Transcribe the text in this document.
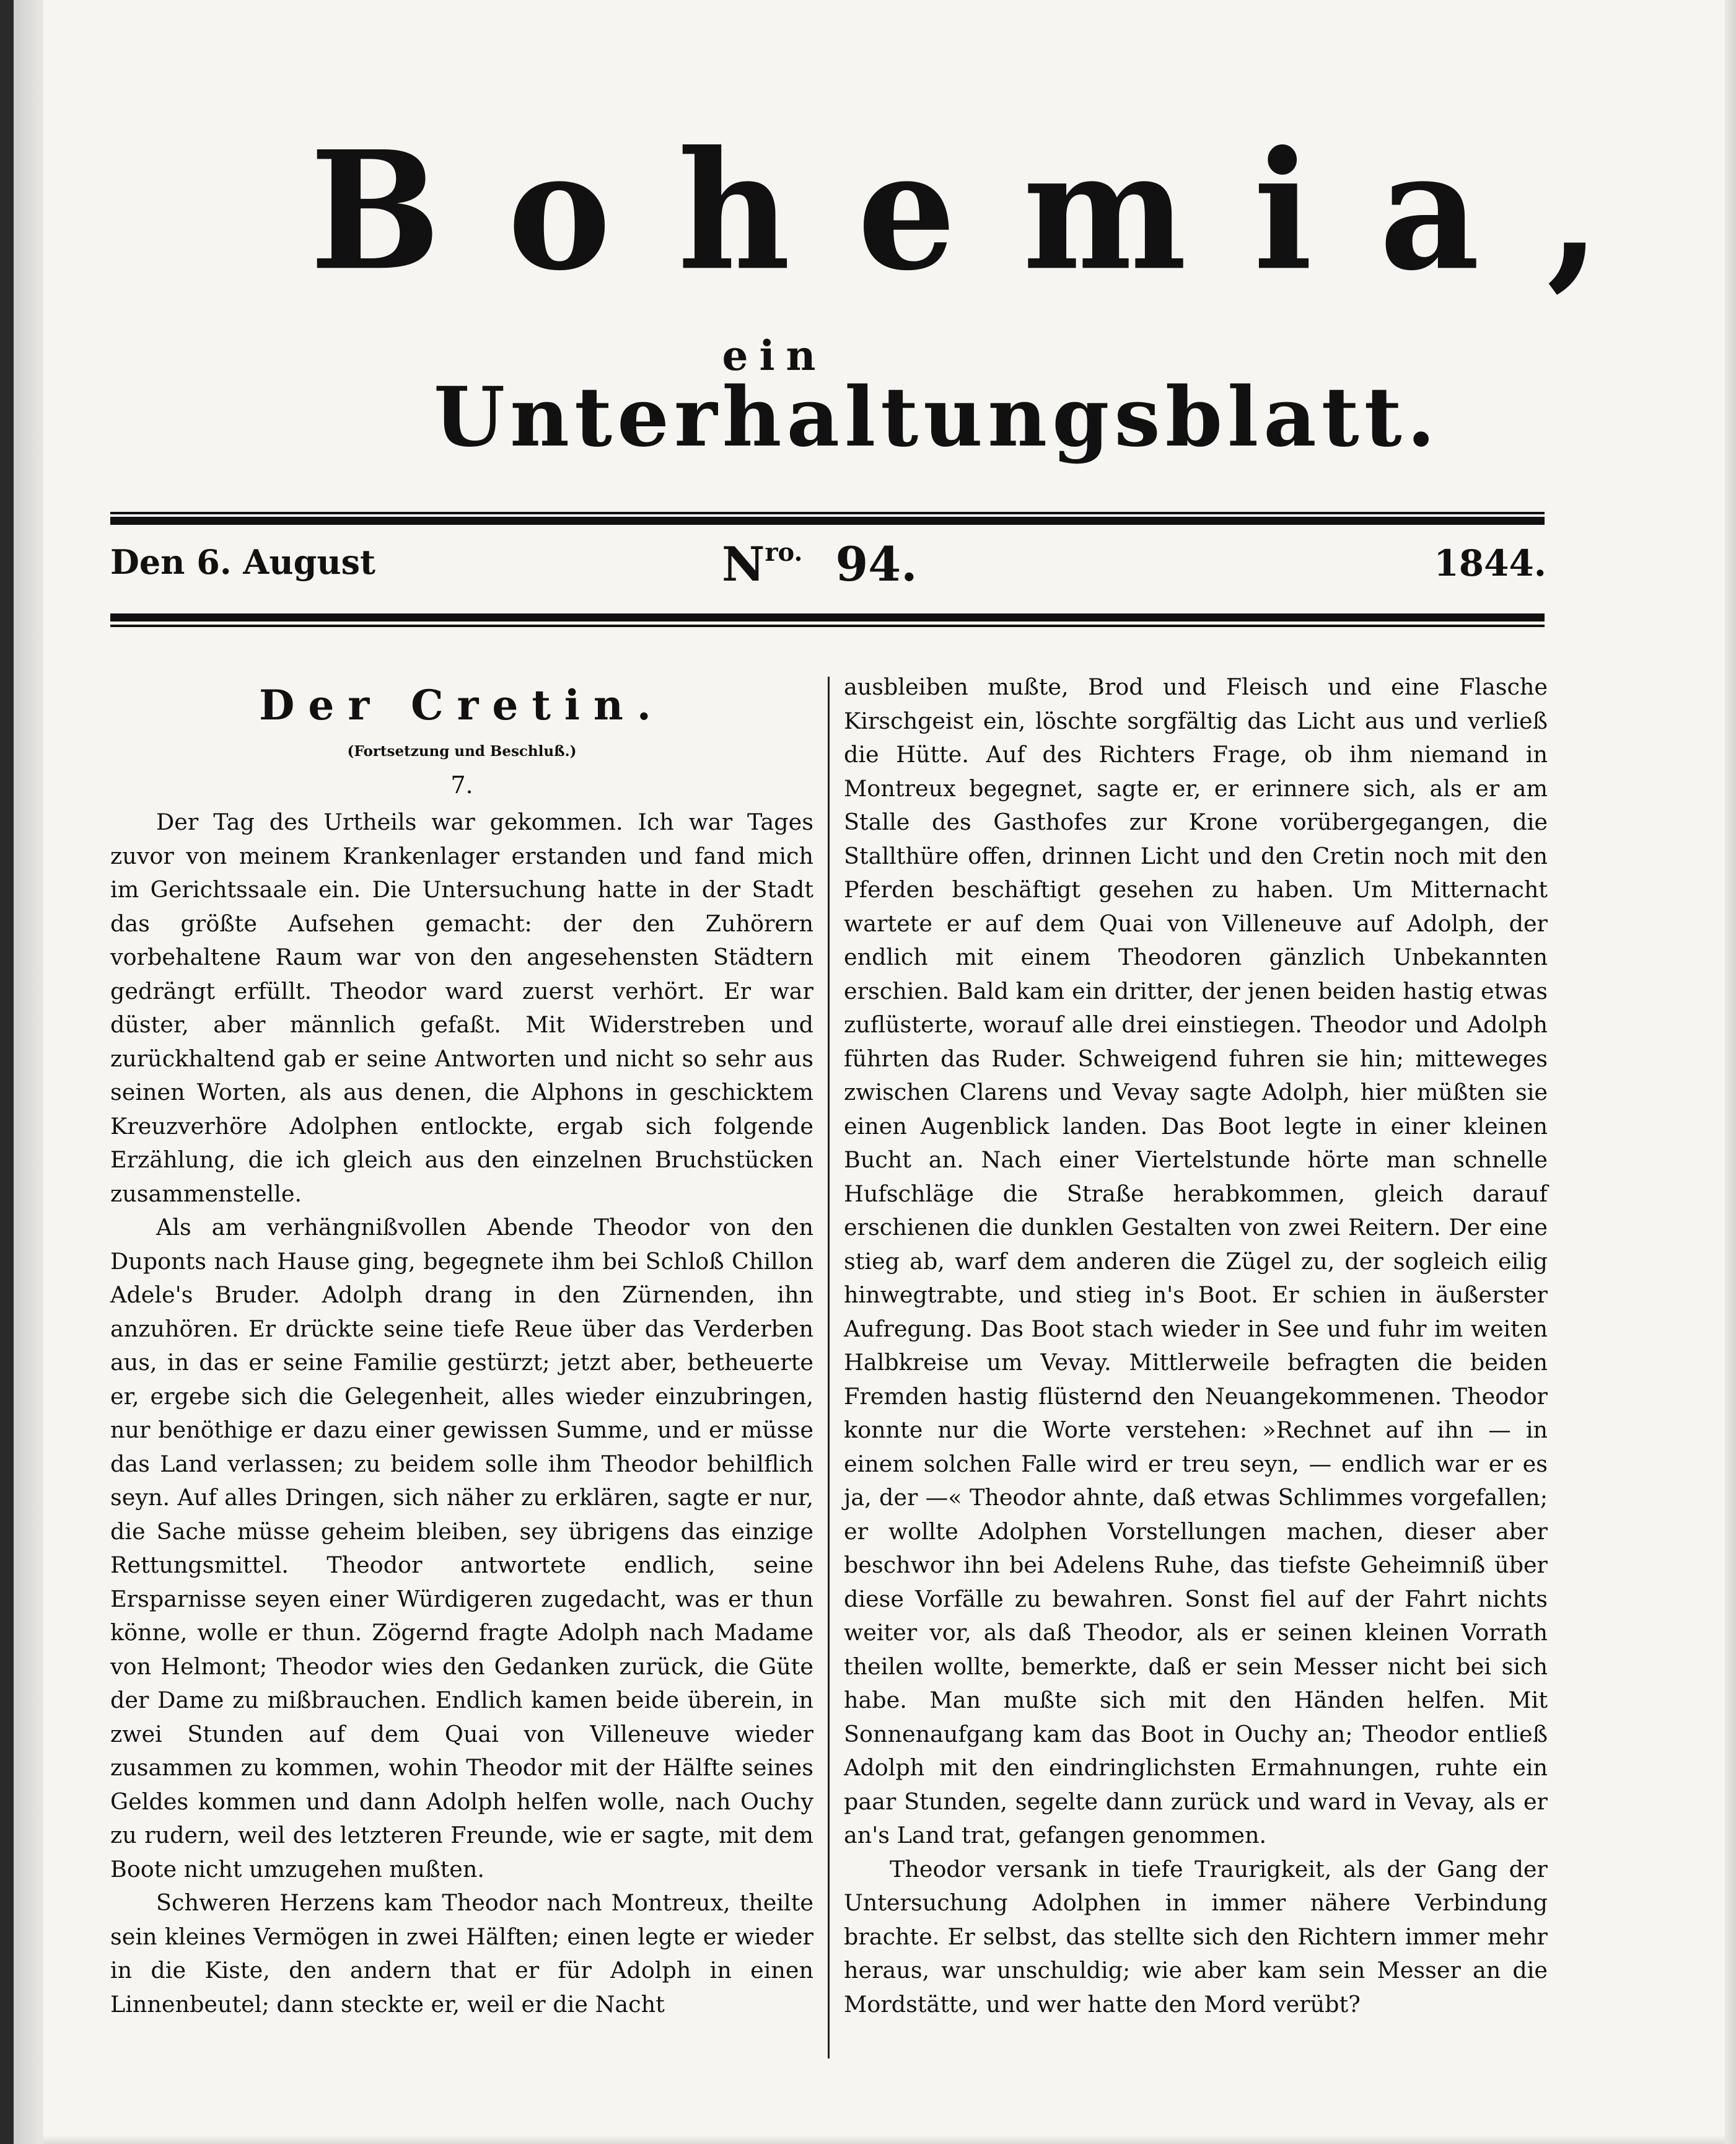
Bohemia,
ein
Unterhaltungsblatt.
Den 6. August	$N^{ro.}$ 94.	1844.
Der Cretin.
(Fortsetzung und Beschluß.)
7.

Der Tag des Urtheils war gekommen. Ich war Tages zuvor von meinem Krankenlager erstanden und fand mich im Gerichtssaale ein. Die Untersuchung hatte in der Stadt das größte Aufsehen gemacht: der den Zuhörern vorbehaltene Raum war von den angesehensten Städtern gedrängt erfüllt. Theodor ward zuerst verhört. Er war düster, aber männlich gefaßt. Mit Widerstreben und zurückhaltend gab er seine Antworten und nicht so sehr aus seinen Worten, als aus denen, die Alphons in geschicktem Kreuzverhöre Adolphen entlockte, ergab sich folgende Erzählung, die ich gleich aus den einzelnen Bruchstücken zusammenstelle.

Als am verhängnißvollen Abende Theodor von den Duponts nach Hause ging, begegnete ihm bei Schloß Chillon Adele's Bruder. Adolph drang in den Zürnenden, ihn anzuhören. Er drückte seine tiefe Reue über das Verderben aus, in das er seine Familie gestürzt; jetzt aber, betheuerte er, ergebe sich die Gelegenheit, alles wieder einzubringen, nur benöthige er dazu einer gewissen Summe, und er müsse das Land verlassen; zu beidem solle ihm Theodor behilflich seyn. Auf alles Dringen, sich näher zu erklären, sagte er nur, die Sache müsse geheim bleiben, sey übrigens das einzige Rettungsmittel. Theodor antwortete endlich, seine Ersparnisse seyen einer Würdigeren zugedacht, was er thun könne, wolle er thun. Zögernd fragte Adolph nach Madame von Helmont; Theodor wies den Gedanken zurück, die Güte der Dame zu mißbrauchen. Endlich kamen beide überein, in zwei Stunden auf dem Quai von Villeneuve wieder zusammen zu kommen, wohin Theodor mit der Hälfte seines Geldes kommen und dann Adolph helfen wolle, nach Ouchy zu rudern, weil des letzteren Freunde, wie er sagte, mit dem Boote nicht umzugehen mußten.

Schweren Herzens kam Theodor nach Montreux, theilte sein kleines Vermögen in zwei Hälften; einen legte er wieder in die Kiste, den andern that er für Adolph in einen Linnenbeutel; dann steckte er, weil er die Nacht

ausbleiben mußte, Brod und Fleisch und eine Flasche Kirschgeist ein, löschte sorgfältig das Licht aus und verließ die Hütte. Auf des Richters Frage, ob ihm niemand in Montreux begegnet, sagte er, er erinnere sich, als er am Stalle des Gasthofes zur Krone vorübergegangen, die Stallthüre offen, drinnen Licht und den Cretin noch mit den Pferden beschäftigt gesehen zu haben. Um Mitternacht wartete er auf dem Quai von Villeneuve auf Adolph, der endlich mit einem Theodoren gänzlich Unbekannten erschien. Bald kam ein dritter, der jenen beiden hastig etwas zuflüsterte, worauf alle drei einstiegen. Theodor und Adolph führten das Ruder. Schweigend fuhren sie hin; mitteweges zwischen Clarens und Vevay sagte Adolph, hier müßten sie einen Augenblick landen. Das Boot legte in einer kleinen Bucht an. Nach einer Viertelstunde hörte man schnelle Hufschläge die Straße herabkommen, gleich darauf erschienen die dunklen Gestalten von zwei Reitern. Der eine stieg ab, warf dem anderen die Zügel zu, der sogleich eilig hinwegtrabte, und stieg in's Boot. Er schien in äußerster Aufregung. Das Boot stach wieder in See und fuhr im weiten Halbkreise um Vevay. Mittlerweile befragten die beiden Fremden hastig flüsternd den Neuangekommenen. Theodor konnte nur die Worte verstehen: »Rechnet auf ihn — in einem solchen Falle wird er treu seyn, — endlich war er es ja, der —« Theodor ahnte, daß etwas Schlimmes vorgefallen; er wollte Adolphen Vorstellungen machen, dieser aber beschwor ihn bei Adelens Ruhe, das tiefste Geheimniß über diese Vorfälle zu bewahren. Sonst fiel auf der Fahrt nichts weiter vor, als daß Theodor, als er seinen kleinen Vorrath theilen wollte, bemerkte, daß er sein Messer nicht bei sich habe. Man mußte sich mit den Händen helfen. Mit Sonnenaufgang kam das Boot in Ouchy an; Theodor entließ Adolph mit den eindringlichsten Ermahnungen, ruhte ein paar Stunden, segelte dann zurück und ward in Vevay, als er an's Land trat, gefangen genommen.

Theodor versank in tiefe Traurigkeit, als der Gang der Untersuchung Adolphen in immer nähere Verbindung brachte. Er selbst, das stellte sich den Richtern immer mehr heraus, war unschuldig; wie aber kam sein Messer an die Mordstätte, und wer hatte den Mord verübt?
